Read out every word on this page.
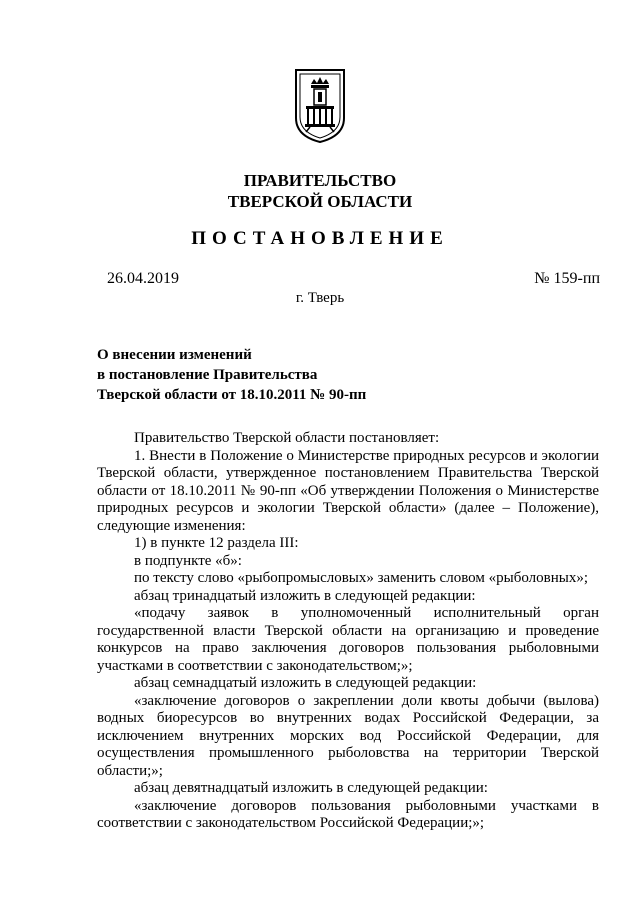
ПРАВИТЕЛЬСТВО
ТВЕРСКОЙ ОБЛАСТИ
ПОСТАНОВЛЕНИЕ
26.04.2019	№ 159-пп
г. Тверь
О внесении изменений
в постановление Правительства
Тверской области от 18.10.2011 № 90-пп

Правительство Тверской области постановляет:

1. Внести в Положение о Министерстве природных ресурсов и экологии Тверской области, утвержденное постановлением Правительства Тверской области от 18.10.2011 № 90-пп «Об утверждении Положения о Министерстве природных ресурсов и экологии Тверской области» (далее – Положение), следующие изменения:

1) в пункте 12 раздела III:

в подпункте «б»:

по тексту слово «рыбопромысловых» заменить словом «рыболовных»;

абзац тринадцатый изложить в следующей редакции:

«подачу заявок в уполномоченный исполнительный орган государственной власти Тверской области на организацию и проведение конкурсов на право заключения договоров пользования рыболовными участками в соответствии с законодательством;»;

абзац семнадцатый изложить в следующей редакции:

«заключение договоров о закреплении доли квоты добычи (вылова) водных биоресурсов во внутренних водах Российской Федерации, за исключением внутренних морских вод Российской Федерации, для осуществления промышленного рыболовства на территории Тверской области;»;

абзац девятнадцатый изложить в следующей редакции:

«заключение договоров пользования рыболовными участками в соответствии с законодательством Российской Федерации;»;
